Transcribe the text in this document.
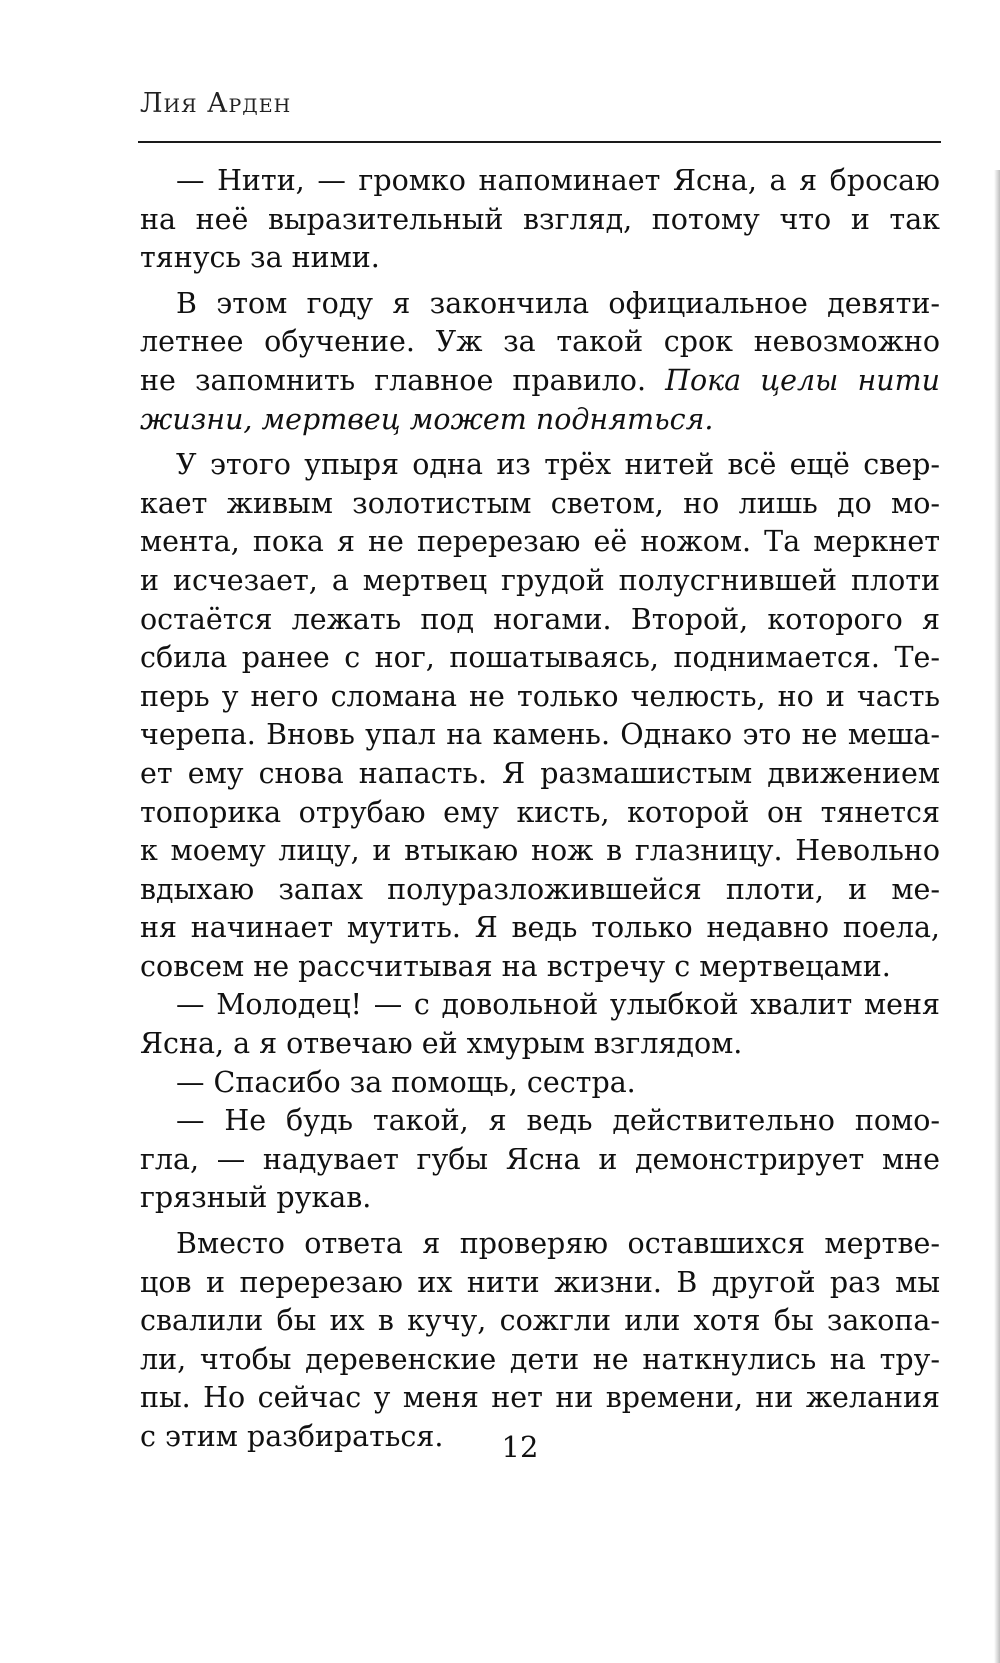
Лия Арден
— Нити, — громко напоминает Ясна, а я бросаю
на неё выразительный взгляд, потому что и так
тянусь за ними.
В этом году я закончила официальное девяти-
летнее обучение. Уж за такой срок невозможно
не запомнить главное правило. Пока целы нити
жизни, мертвец может подняться.
У этого упыря одна из трёх нитей всё ещё свер-
кает живым золотистым светом, но лишь до мо-
мента, пока я не перерезаю её ножом. Та меркнет
и исчезает, а мертвец грудой полусгнившей плоти
остаётся лежать под ногами. Второй, которого я
сбила ранее с ног, пошатываясь, поднимается. Те-
перь у него сломана не только челюсть, но и часть
черепа. Вновь упал на камень. Однако это не меша-
ет ему снова напасть. Я размашистым движением
топорика отрубаю ему кисть, которой он тянется
к моему лицу, и втыкаю нож в глазницу. Невольно
вдыхаю запах полуразложившейся плоти, и ме-
ня начинает мутить. Я ведь только недавно поела,
совсем не рассчитывая на встречу с мертвецами.
— Молодец! — с довольной улыбкой хвалит меня
Ясна, а я отвечаю ей хмурым взглядом.
— Спасибо за помощь, сестра.
— Не будь такой, я ведь действительно помо-
гла, — надувает губы Ясна и демонстрирует мне
грязный рукав.
Вместо ответа я проверяю оставшихся мертве-
цов и перерезаю их нити жизни. В другой раз мы
свалили бы их в кучу, сожгли или хотя бы закопа-
ли, чтобы деревенские дети не наткнулись на тру-
пы. Но сейчас у меня нет ни времени, ни желания
с этим разбираться.	12
